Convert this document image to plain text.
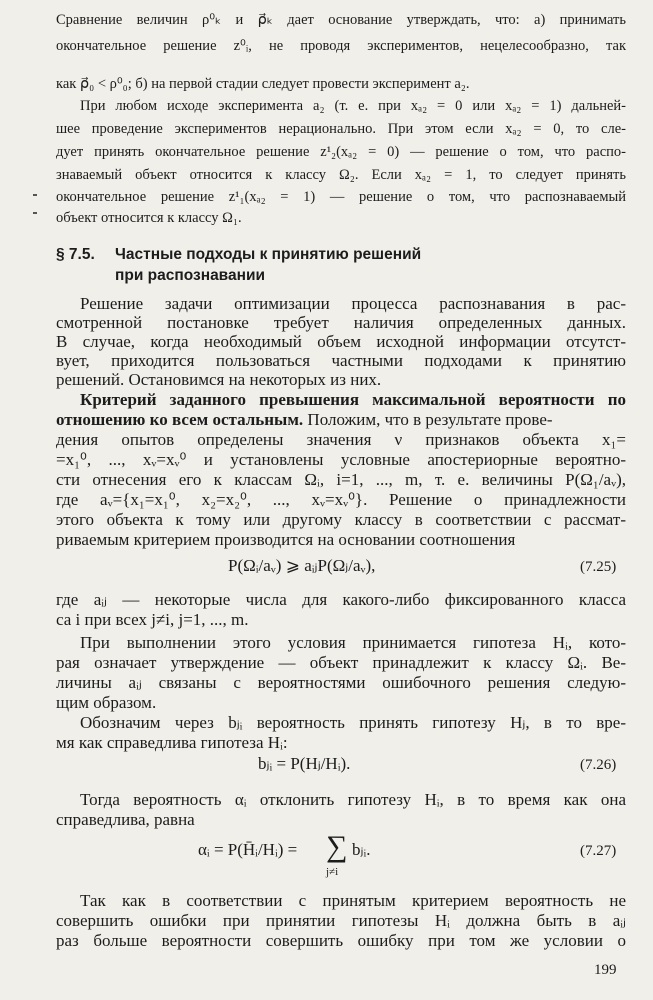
Сравнение величин ρ⁰ₖ и ρ⃗ₖ дает основание утверждать, что: а) принимать
окончательное решение z⁰ᵢ, не проводя экспериментов, нецелесообразно, так
как ρ⃗₀ < ρ⁰₀; б) на первой стадии следует провести эксперимент a₂.
При любом исходе эксперимента a₂ (т. е. при xₐ₂ = 0 или xₐ₂ = 1) дальней-
шее проведение экспериментов нерационально. При этом если xₐ₂ = 0, то сле-
дует принять окончательное решение z¹₂(xₐ₂ = 0) — решение о том, что распо-
знаваемый объект относится к классу Ω₂. Если xₐ₂ = 1, то следует принять
окончательное решение z¹₁(xₐ₂ = 1) — решение о том, что распознаваемый
объект относится к классу Ω₁.
§ 7.5. Частные подходы к принятию решений
при распознавании
Решение задачи оптимизации процесса распознавания в рас-
смотренной постановке требует наличия определенных данных.
В случае, когда необходимый объем исходной информации отсутст-
вует, приходится пользоваться частными подходами к принятию
решений. Остановимся на некоторых из них.
Критерий заданного превышения максимальной вероятности по
отношению ко всем остальным. Положим, что в результате прове-
дения опытов определены значения ν признаков объекта x₁=
=x₁⁰, ..., xᵥ=xᵥ⁰ и установлены условные апостериорные вероятно-
сти отнесения его к классам Ωᵢ, i=1, ..., m, т. е. величины P(Ω₁/aᵥ),
где aᵥ={x₁=x₁⁰, x₂=x₂⁰, ..., xᵥ=xᵥ⁰}. Решение о принадлежности
этого объекта к тому или другому классу в соответствии с рассмат-
риваемым критерием производится на основании соотношения
P(Ωᵢ/aᵥ) ⩾ aᵢⱼP(Ωⱼ/aᵥ),	(7.25)
где aᵢⱼ — некоторые числа для какого-либо фиксированного класса
са i при всех j≠i, j=1, ..., m.
При выполнении этого условия принимается гипотеза Hᵢ, кото-
рая означает утверждение — объект принадлежит к классу Ωᵢ. Ве-
личины aᵢⱼ связаны с вероятностями ошибочного решения следую-
щим образом.
Обозначим через bⱼᵢ вероятность принять гипотезу Hⱼ, в то вре-
мя как справедлива гипотеза Hᵢ:
bⱼᵢ = P(Hⱼ/Hᵢ).	(7.26)
Тогда вероятность αᵢ отклонить гипотезу Hᵢ, в то время как она
справедлива, равна
αᵢ = P(H̄ᵢ/Hᵢ) = ∑
j≠i
bⱼᵢ.	(7.27)
Так как в соответствии с принятым критерием вероятность не
совершить ошибки при принятии гипотезы Hᵢ должна быть в aᵢⱼ
раз больше вероятности совершить ошибку при том же условии о
199
